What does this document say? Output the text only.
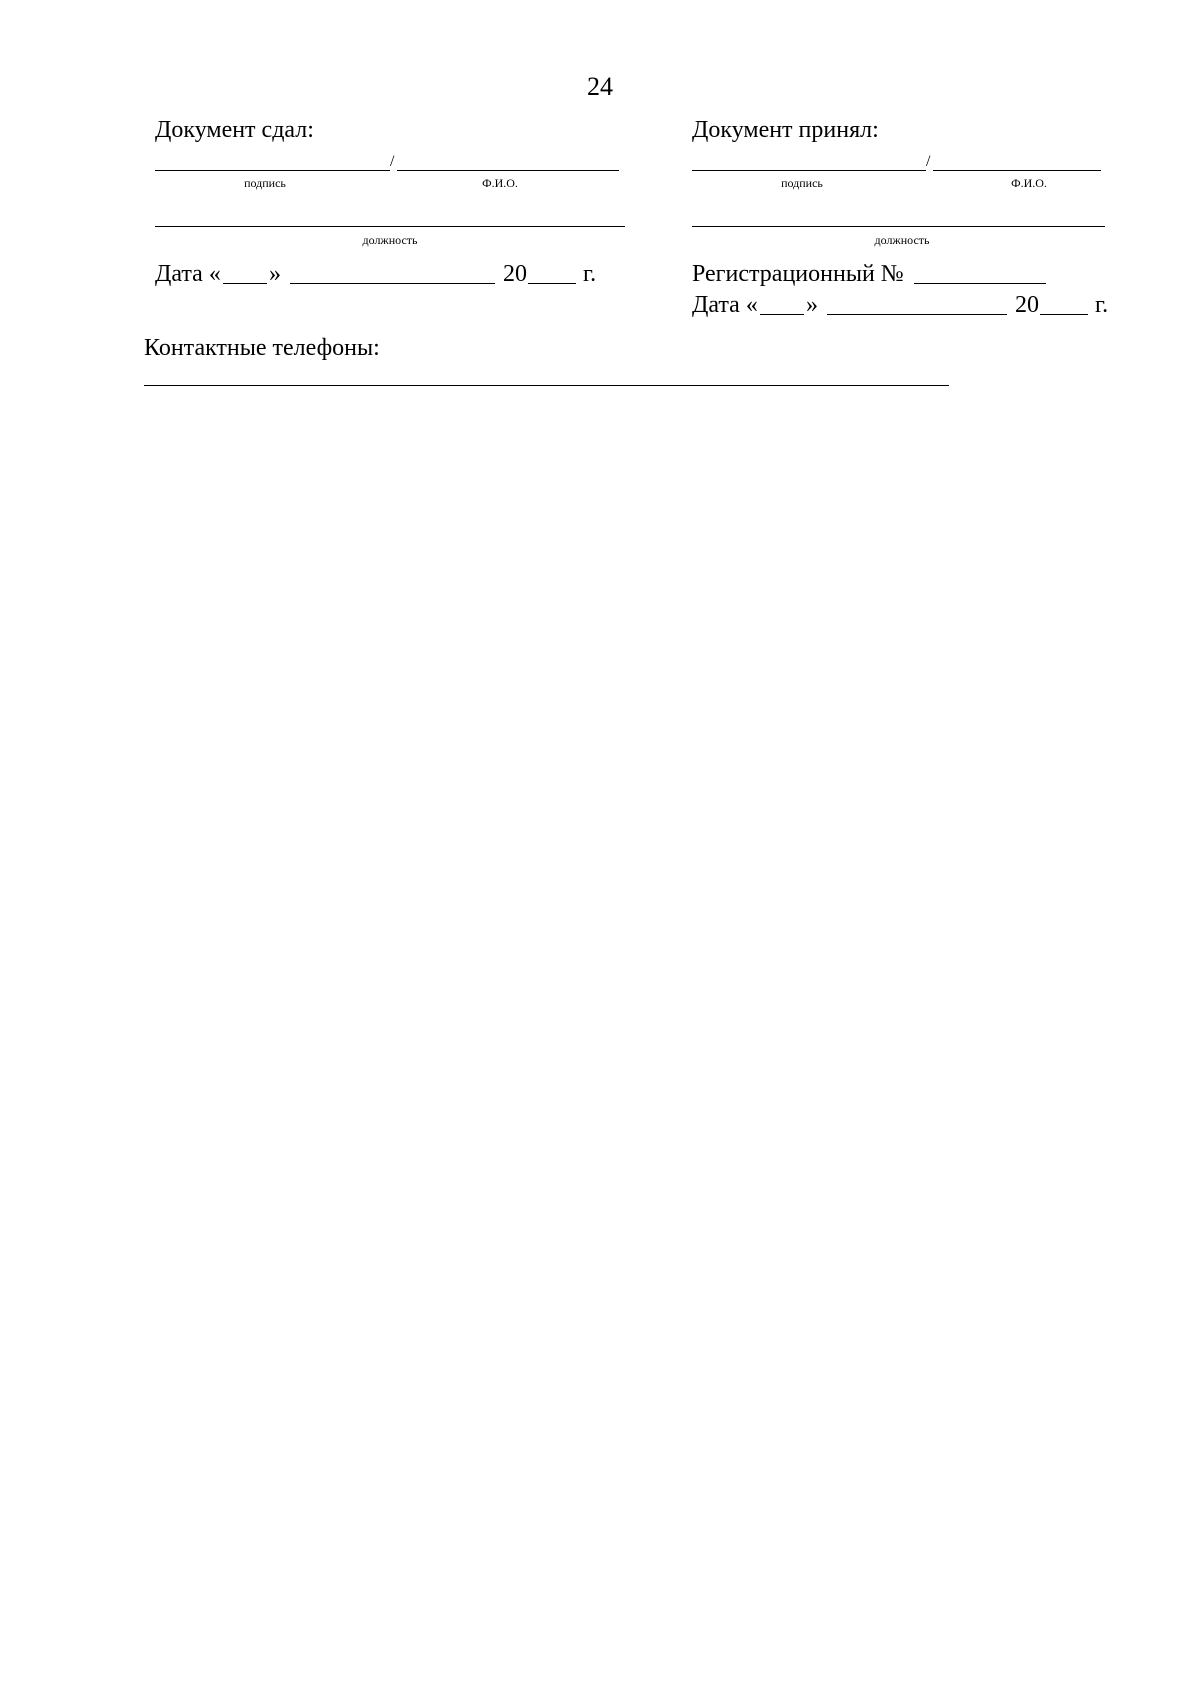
24
Документ сдал:
/
подпись	Ф.И.О.
должность
Дата « »	20 г.
Документ принял:
/
подпись	Ф.И.О.
должность
Регистрационный №
Дата « »	20 г.
Контактные телефоны:
